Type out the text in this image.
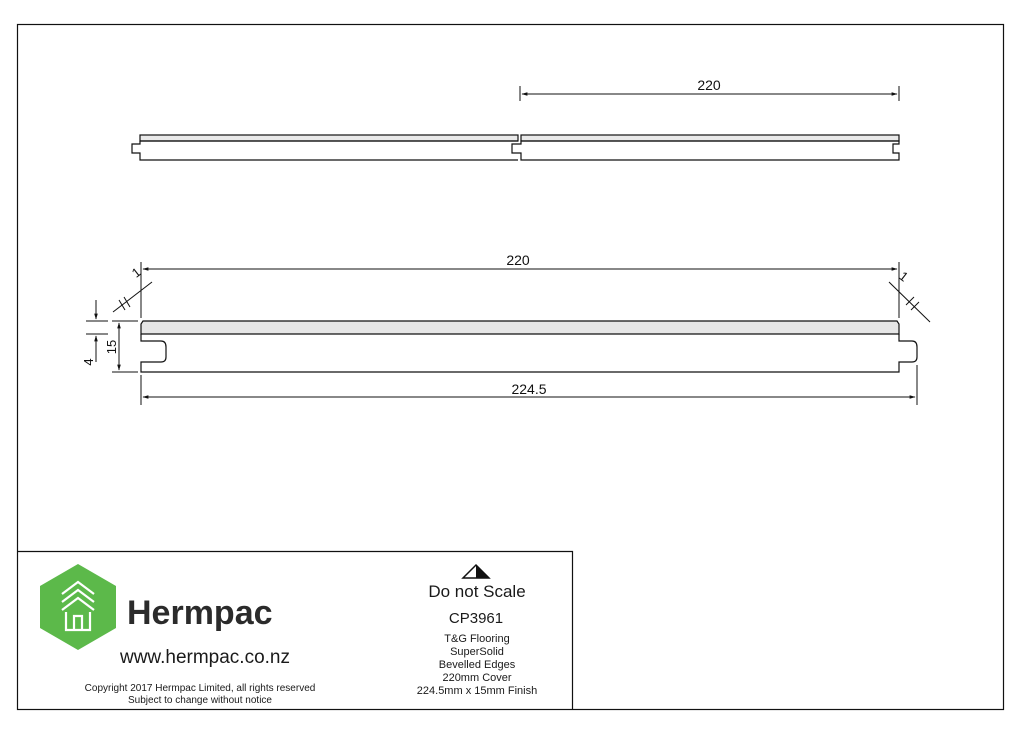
220
220
224.5
15
4
1	1
Hermpac
www.hermpac.co.nz
Copyright 2017 Hermpac Limited, all rights reserved
Subject to change without notice
Do not Scale
CP3961
T&G Flooring
SuperSolid
Bevelled Edges
220mm Cover
224.5mm x 15mm Finish
